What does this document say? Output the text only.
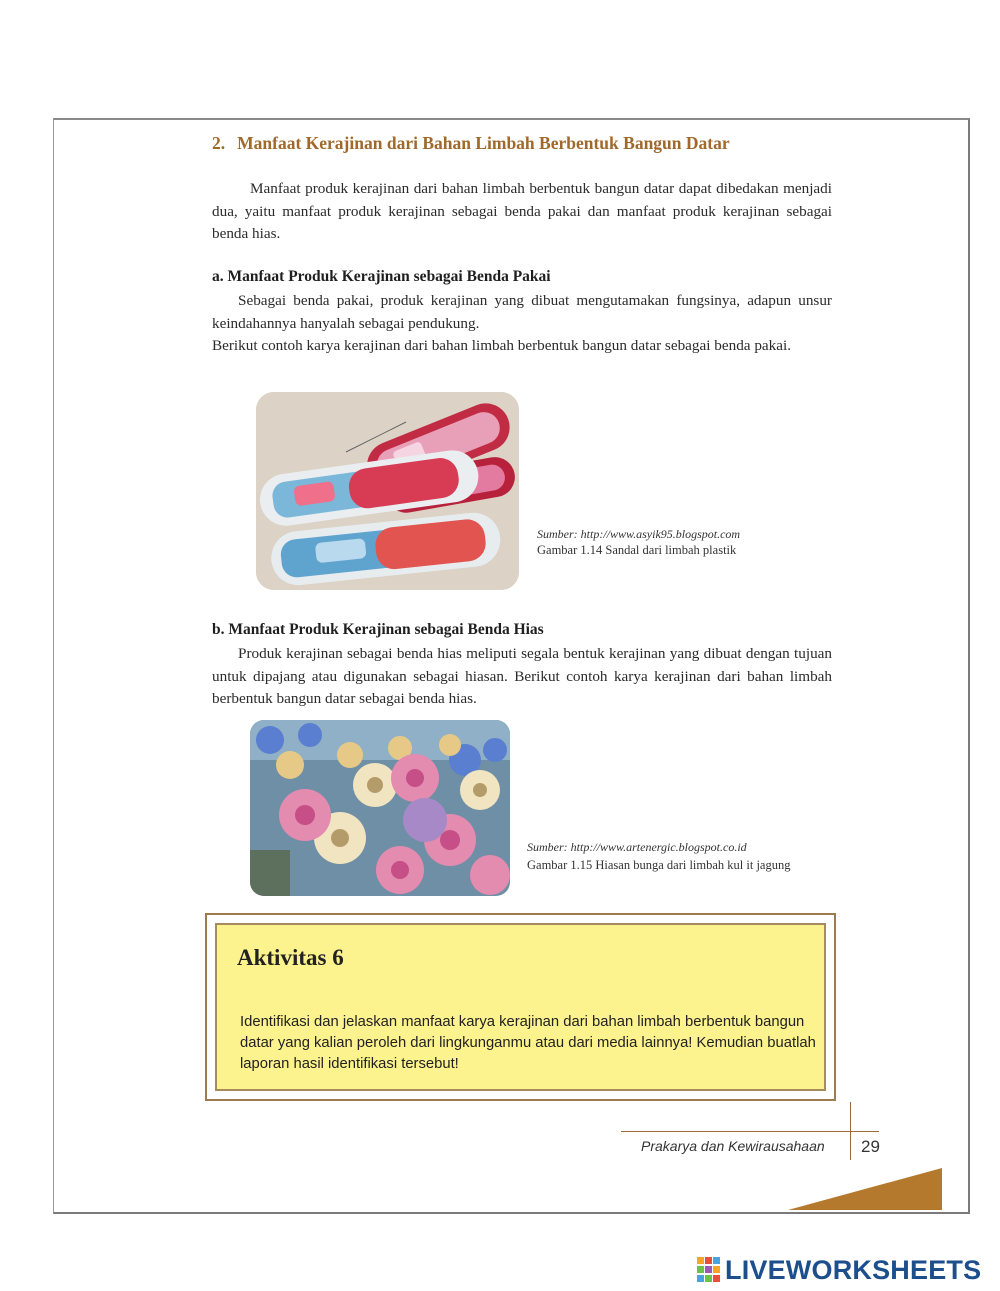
2. Manfaat Kerajinan dari Bahan Limbah Berbentuk Bangun Datar
Manfaat produk kerajinan dari bahan limbah berbentuk bangun datar dapat dibedakan menjadi dua, yaitu manfaat produk kerajinan sebagai benda pakai dan manfaat produk kerajinan sebagai benda hias.
a. Manfaat Produk Kerajinan sebagai Benda Pakai
Sebagai benda pakai, produk kerajinan yang dibuat mengutamakan fungsinya, adapun unsur keindahannya hanyalah sebagai pendukung.
Berikut contoh karya kerajinan dari bahan limbah berbentuk bangun datar sebagai benda pakai.
Sumber: http://www.asyik95.blogspot.com
Gambar 1.14 Sandal dari limbah plastik
b. Manfaat Produk Kerajinan sebagai Benda Hias
Produk kerajinan sebagai benda hias meliputi segala bentuk kerajinan yang dibuat dengan tujuan untuk dipajang atau digunakan sebagai hiasan. Berikut contoh karya kerajinan dari bahan limbah berbentuk bangun datar sebagai benda hias.
Sumber: http://www.artenergic.blogspot.co.id
Gambar 1.15 Hiasan bunga dari limbah kul it jagung
Aktivitas 6
Identifikasi dan jelaskan manfaat karya kerajinan dari bahan limbah berbentuk bangun datar yang kalian peroleh dari lingkunganmu atau dari media lainnya! Kemudian buatlah laporan hasil identifikasi tersebut!
Prakarya dan Kewirausahaan 29
LIVEWORKSHEETS
